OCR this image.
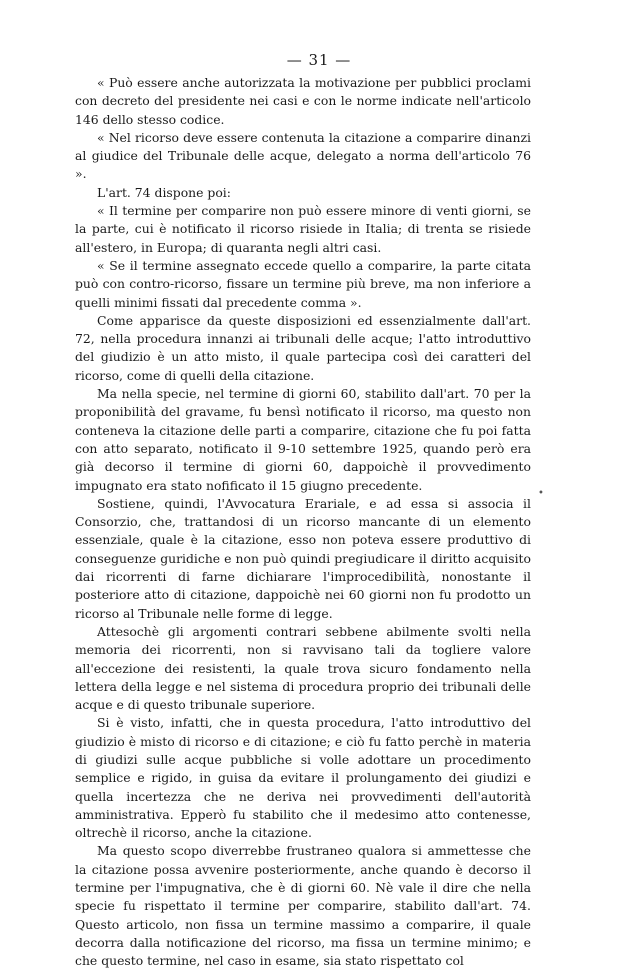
— 31 —

« Può essere anche autorizzata la motivazione per pubblici proclami con decreto del presidente nei casi e con le norme indicate nell'articolo 146 dello stesso codice.

« Nel ricorso deve essere contenuta la citazione a comparire dinanzi al giudice del Tribunale delle acque, delegato a norma dell'articolo 76 ».

L'art. 74 dispone poi:

« Il termine per comparire non può essere minore di venti giorni, se la parte, cui è notificato il ricorso risiede in Italia; di trenta se risiede all'estero, in Europa; di quaranta negli altri casi.

« Se il termine assegnato eccede quello a comparire, la parte citata può con contro-ricorso, fissare un termine più breve, ma non inferiore a quelli minimi fissati dal precedente comma ».

Come apparisce da queste disposizioni ed essenzialmente dall'art. 72, nella procedura innanzi ai tribunali delle acque; l'atto introduttivo del giudizio è un atto misto, il quale partecipa così dei caratteri del ricorso, come di quelli della citazione.

Ma nella specie, nel termine di giorni 60, stabilito dall'art. 70 per la proponibilità del gravame, fu bensì notificato il ricorso, ma questo non conteneva la citazione delle parti a comparire, citazione che fu poi fatta con atto separato, notificato il 9-10 settembre 1925, quando però era già decorso il termine di giorni 60, dappoichè il provvedimento impugnato era stato nofificato il 15 giugno precedente.

Sostiene, quindi, l'Avvocatura Erariale, e ad essa si associa il Consorzio, che, trattandosi di un ricorso mancante di un elemento essenziale, quale è la citazione, esso non poteva essere produttivo di conseguenze guridiche e non può quindi pregiudicare il diritto acquisito dai ricorrenti di farne dichiarare l'improcedibilità, nonostante il posteriore atto di citazione, dappoichè nei 60 giorni non fu prodotto un ricorso al Tribunale nelle forme di legge.

Attesochè gli argomenti contrari sebbene abilmente svolti nella memoria dei ricorrenti, non si ravvisano tali da togliere valore all'eccezione dei resistenti, la quale trova sicuro fondamento nella lettera della legge e nel sistema di procedura proprio dei tribunali delle acque e di questo tribunale superiore.

Si è visto, infatti, che in questa procedura, l'atto introduttivo del giudizio è misto di ricorso e di citazione; e ciò fu fatto perchè in materia di giudizi sulle acque pubbliche si volle adottare un procedimento semplice e rigido, in guisa da evitare il prolungamento dei giudizi e quella incertezza che ne deriva nei provvedimenti dell'autorità amministrativa. Epperò fu stabilito che il medesimo atto contenesse, oltrechè il ricorso, anche la citazione.

Ma questo scopo diverrebbe frustraneo qualora si ammettesse che la citazione possa avvenire posteriormente, anche quando è decorso il termine per l'impugnativa, che è di giorni 60. Nè vale il dire che nella specie fu rispettato il termine per comparire, stabilito dall'art. 74. Questo articolo, non fissa un termine massimo a comparire, il quale decorra dalla notificazione del ricorso, ma fissa un termine minimo; e che questo termine, nel caso in esame, sia stato rispettato col

•
